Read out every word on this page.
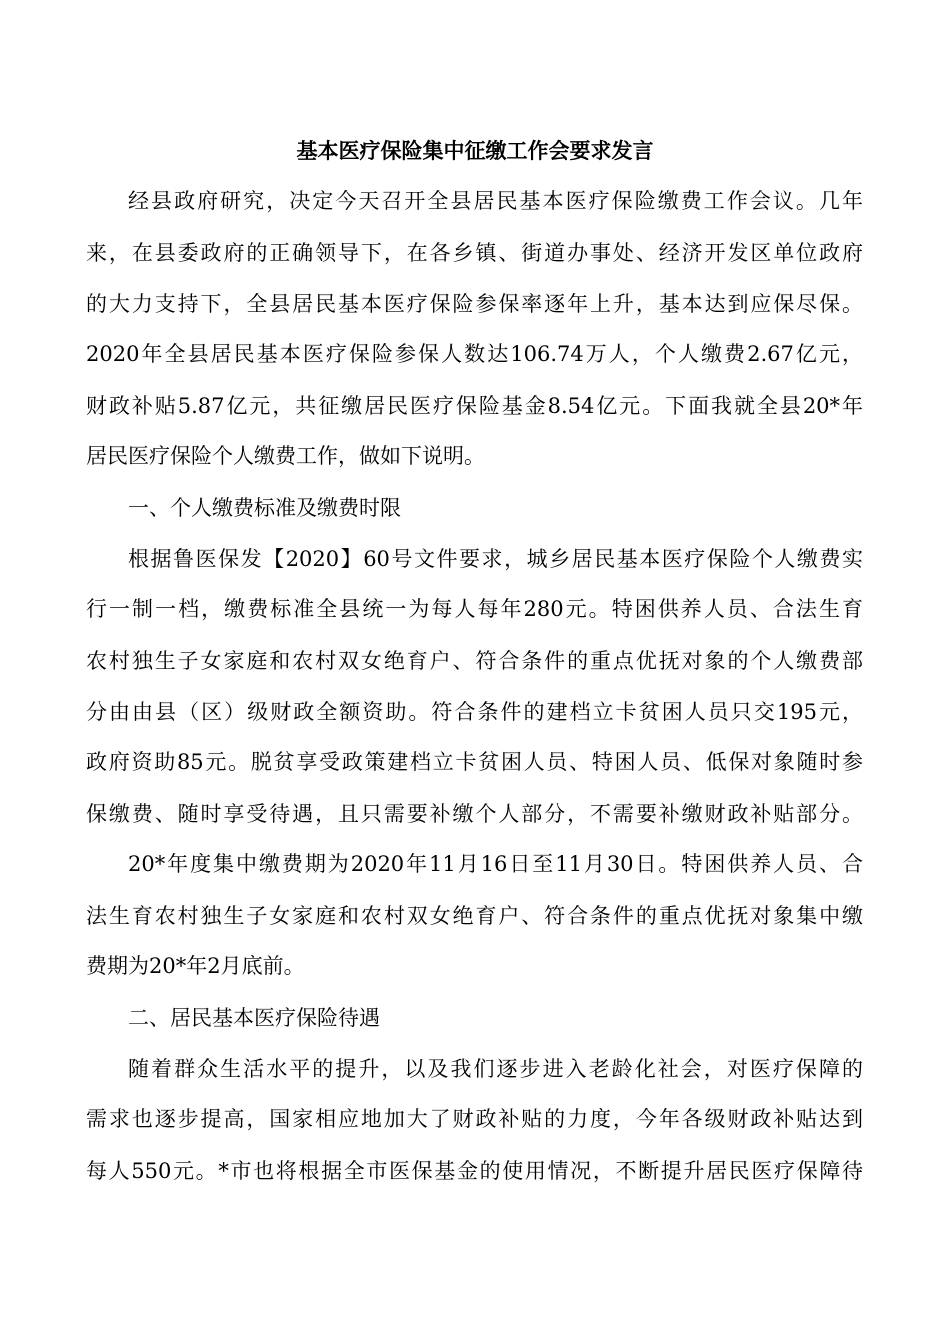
基本医疗保险集中征缴工作会要求发言
经县政府研究，决定今天召开全县居民基本医疗保险缴费工作会议。几年
来，在县委政府的正确领导下，在各乡镇、街道办事处、经济开发区单位政府
的大力支持下，全县居民基本医疗保险参保率逐年上升，基本达到应保尽保。
2020年全县居民基本医疗保险参保人数达106.74万人，个人缴费2.67亿元，
财政补贴5.87亿元，共征缴居民医疗保险基金8.54亿元。下面我就全县20*年
居民医疗保险个人缴费工作，做如下说明。
一、个人缴费标准及缴费时限
根据鲁医保发【2020】60号文件要求，城乡居民基本医疗保险个人缴费实
行一制一档，缴费标准全县统一为每人每年280元。特困供养人员、合法生育
农村独生子女家庭和农村双女绝育户、符合条件的重点优抚对象的个人缴费部
分由由县（区）级财政全额资助。符合条件的建档立卡贫困人员只交195元，
政府资助85元。脱贫享受政策建档立卡贫困人员、特困人员、低保对象随时参
保缴费、随时享受待遇，且只需要补缴个人部分，不需要补缴财政补贴部分。
20*年度集中缴费期为2020年11月16日至11月30日。特困供养人员、合
法生育农村独生子女家庭和农村双女绝育户、符合条件的重点优抚对象集中缴
费期为20*年2月底前。
二、居民基本医疗保险待遇
随着群众生活水平的提升，以及我们逐步进入老龄化社会，对医疗保障的
需求也逐步提高，国家相应地加大了财政补贴的力度，今年各级财政补贴达到
每人550元。*市也将根据全市医保基金的使用情况，不断提升居民医疗保障待
